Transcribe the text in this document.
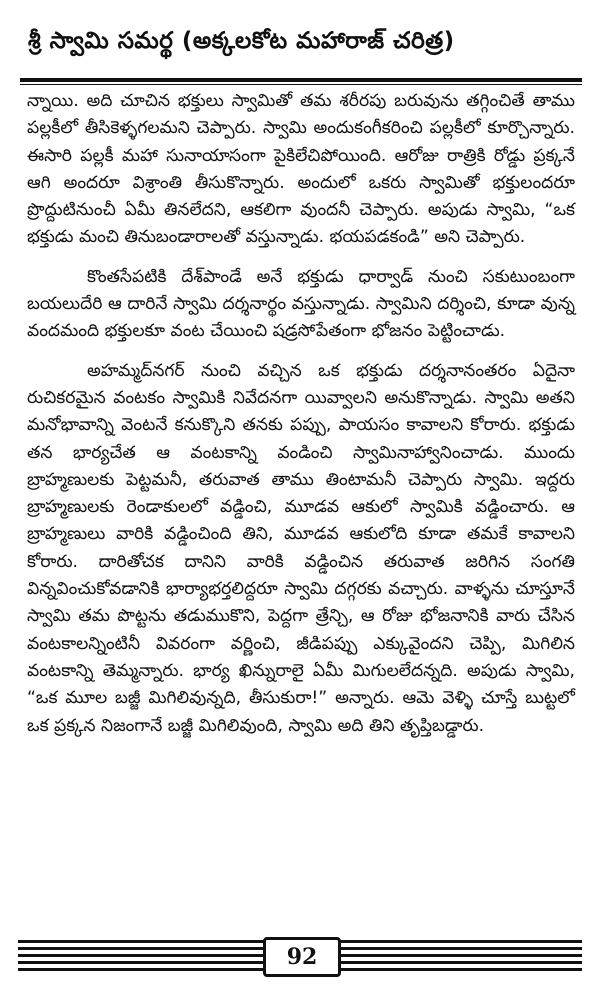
శ్రీ స్వామి సమర్థ (అక్కలకోట మహారాజ్ చరిత్ర)

న్నాయి. అది చూచిన భక్తులు స్వామితో తమ శరీరపు బరువును తగ్గించితే తాము పల్లకీలో తీసికెళ్ళగలమని చెప్పారు. స్వామి అందుకంగీకరించి పల్లకీలో కూర్చొన్నారు. ఈసారి పల్లకీ మహా సునాయాసంగా పైకిలేచిపోయింది. ఆరోజు రాత్రికి రోడ్డు ప్రక్కనే ఆగి అందరూ విశ్రాంతి తీసుకొన్నారు. అందులో ఒకరు స్వామితో భక్తులందరూ ప్రొద్దుటినుంచీ ఏమీ తినలేదని, ఆకలిగా వుందనీ చెప్పారు. అపుడు స్వామి, “ఒక భక్తుడు మంచి తినుబండారాలతో వస్తున్నాడు. భయపడకండి” అని చెప్పారు.

కొంతసేపటికి దేశ్‌పాండే అనే భక్తుడు ధార్వాడ్ నుంచి సకుటుంబంగా బయలుదేరి ఆ దారినే స్వామి దర్శనార్థం వస్తున్నాడు. స్వామిని దర్శించి, కూడా వున్న వందమంది భక్తులకూ వంట చేయించి షడ్రసోపేతంగా భోజనం పెట్టించాడు.

అహమ్మద్‌నగర్ నుంచి వచ్చిన ఒక భక్తుడు దర్శనానంతరం ఏదైనా రుచికరమైన వంటకం స్వామికి నివేదనగా యివ్వాలని అనుకొన్నాడు. స్వామి అతని మనోభావాన్ని వెంటనే కనుక్కొని తనకు పప్పు, పాయసం కావాలని కోరారు. భక్తుడు తన భార్యచేత ఆ వంటకాన్ని వండించి స్వామినాహ్వానించాడు. ముందు బ్రాహ్మణులకు పెట్టమనీ, తరువాత తాము తింటామనీ చెప్పారు స్వామి. ఇద్దరు బ్రాహ్మణులకు రెండాకులలో వడ్డించి, మూడవ ఆకులో స్వామికి వడ్డించారు. ఆ బ్రాహ్మణులు వారికి వడ్డించింది తిని, మూడవ ఆకులోది కూడా తమకే కావాలని కోరారు. దారితోచక దానిని వారికి వడ్డించిన తరువాత జరిగిన సంగతి విన్నవించుకోవడానికి భార్యాభర్తలిద్దరూ స్వామి దగ్గరకు వచ్చారు. వాళ్ళను చూస్తూనే స్వామి తమ పొట్టను తడుముకొని, పెద్దగా త్రేన్చి, ఆ రోజు భోజనానికి వారు చేసిన వంటకాలన్నింటినీ వివరంగా వర్ణించి, జీడిపప్పు ఎక్కువైందని చెప్పి, మిగిలిన వంటకాన్ని తెమ్మన్నారు. భార్య ఖిన్నురాలై ఏమీ మిగులలేదన్నది. అపుడు స్వామి, “ఒక మూల బజ్జీ మిగిలివున్నది, తీసుకురా!” అన్నారు. ఆమె వెళ్ళి చూస్తే బుట్టలో ఒక ప్రక్కన నిజంగానే బజ్జీ మిగిలివుంది, స్వామి అది తిని తృప్తిబడ్డారు.

92
